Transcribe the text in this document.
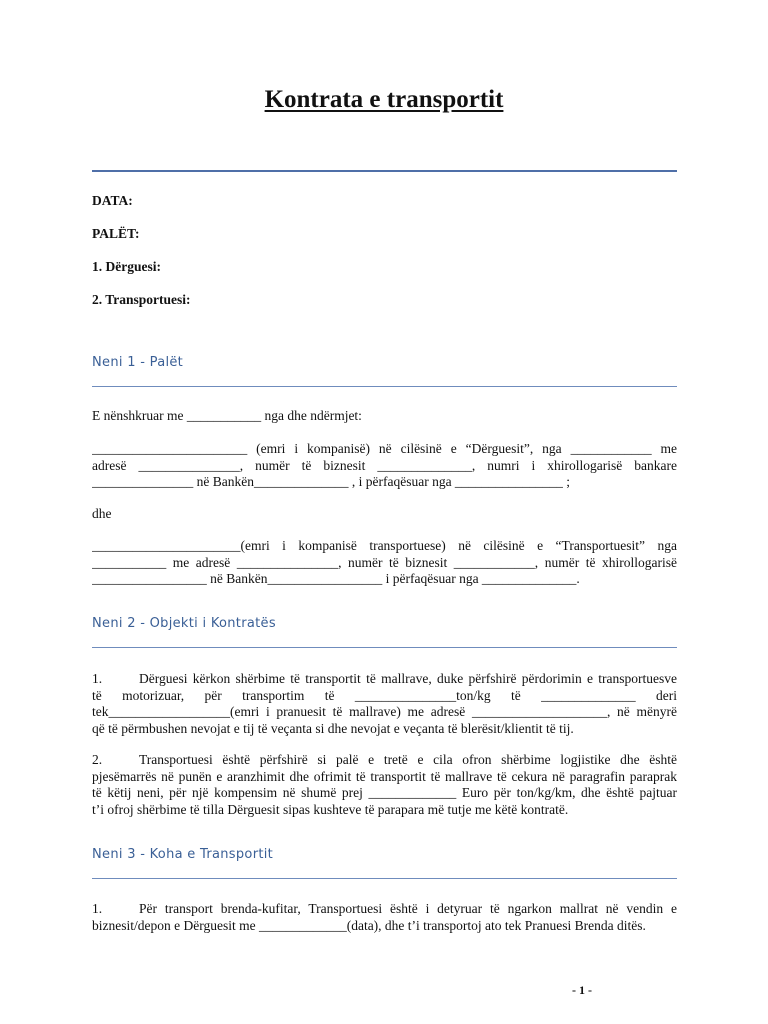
Kontrata e transportit
DATA:
PALËT:
1. Dërguesi:
2. Transportuesi:
Neni 1 - Palët
E nënshkruar me ___________ nga dhe ndërmjet:
_______________________ (emri i kompanisë) në cilësinë e “Dërguesit”, nga ____________ me
adresë _______________, numër të biznesit ______________, numri i xhirollogarisë bankare
_______________ në Bankën______________ , i përfaqësuar nga ________________ ;
dhe
______________________(emri i kompanisë transportuese) në cilësinë e “Transportuesit” nga
___________ me adresë _______________, numër të biznesit ____________, numër të xhirollogarisë
_________________ në Bankën_________________ i përfaqësuar nga ______________.
Neni 2 - Objekti i Kontratës
1.	Dërguesi kërkon shërbime të transportit të mallrave, duke përfshirë përdorimin e transportuesve
të motorizuar, për transportim të _______________ton/kg të ______________ deri
tek__________________(emri i pranuesit të mallrave) me adresë ____________________, në mënyrë
që të përmbushen nevojat e tij të veçanta si dhe nevojat e veçanta të blerësit/klientit të tij.
2.	Transportuesi është përfshirë si palë e tretë e cila ofron shërbime logjistike dhe është
pjesëmarrës në punën e aranzhimit dhe ofrimit të transportit të mallrave të cekura në paragrafin paraprak
të këtij neni, për një kompensim në shumë prej _____________ Euro për ton/kg/km, dhe është pajtuar
t’i ofroj shërbime të tilla Dërguesit sipas kushteve të parapara më tutje me këtë kontratë.
Neni 3 - Koha e Transportit
1.	Për transport brenda-kufitar, Transportuesi është i detyruar të ngarkon mallrat në vendin e
biznesit/depon e Dërguesit me _____________(data), dhe t’i transportoj ato tek Pranuesi Brenda ditës.
- 1 -
